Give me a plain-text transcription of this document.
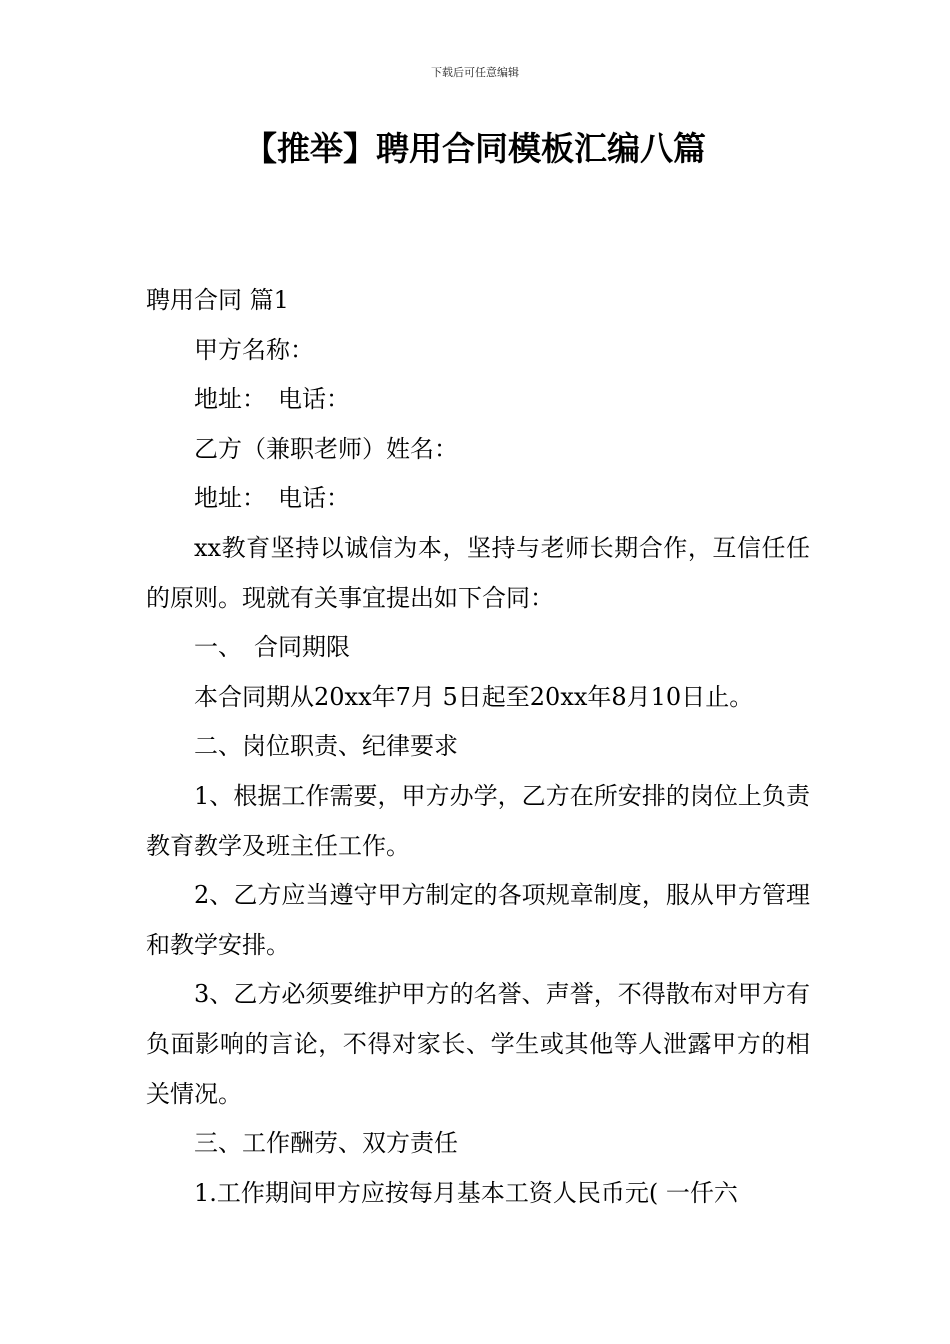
下载后可任意编辑
【推举】聘用合同模板汇编八篇

聘用合同 篇1

甲方名称：

地址：　电话：

乙方（兼职老师）姓名：

地址：　电话：

xx教育坚持以诚信为本，坚持与老师长期合作，互信任任的原则。现就有关事宜提出如下合同：

一、　合同期限

本合同期从20xx年7月 5日起至20xx年8月10日止。

二、岗位职责、纪律要求

1、根据工作需要，甲方办学，乙方在所安排的岗位上负责教育教学及班主任工作。

2、乙方应当遵守甲方制定的各项规章制度，服从甲方管理和教学安排。

3、乙方必须要维护甲方的名誉、声誉，不得散布对甲方有负面影响的言论，不得对家长、学生或其他等人泄露甲方的相关情况。

三、工作酬劳、双方责任

1.工作期间甲方应按每月基本工资人民币元( 一仟六
